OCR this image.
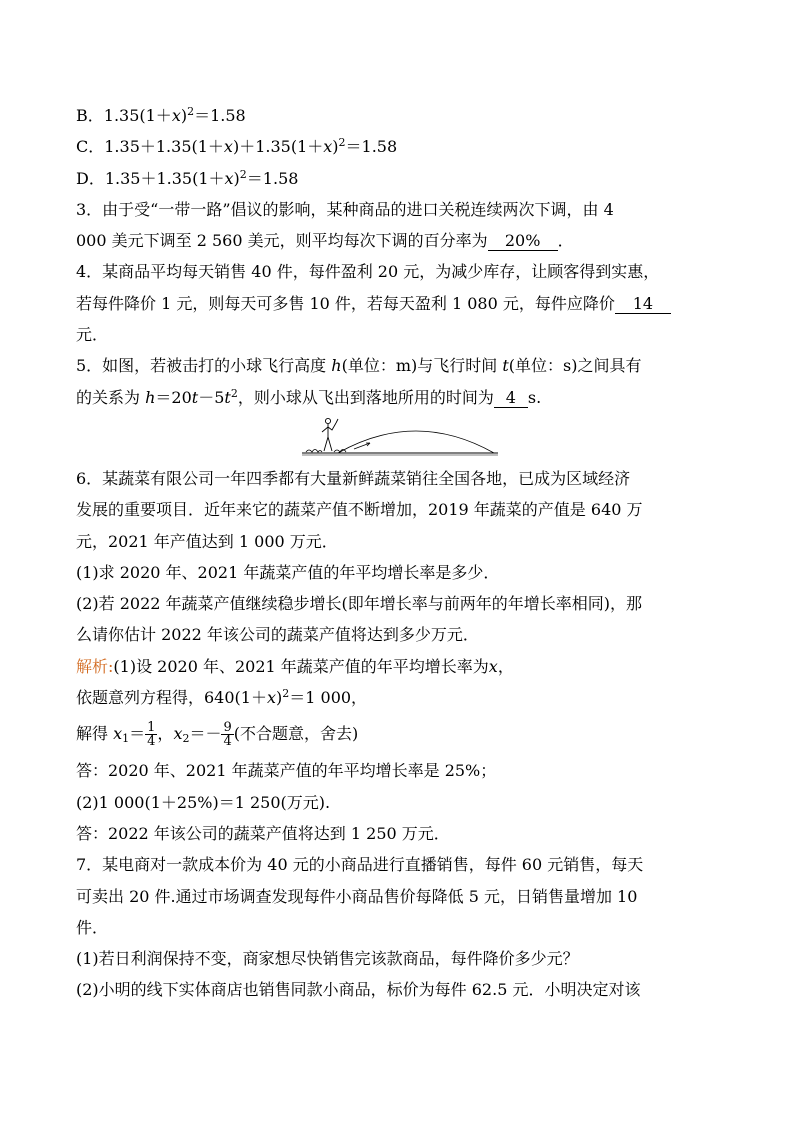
B．$1.35(1+x)^2=1.58$
C．$1.35+1.35(1+x)+1.35(1+x)^2=1.58$
D．$1.35+1.35(1+x)^2=1.58$
3．由于受“一带一路”倡议的影响，某种商品的进口关税连续两次下调，由 4
000 美元下调至 2 560 美元，则平均每次下调的百分率为 20% ．
4．某商品平均每天销售 40 件，每件盈利 20 元，为减少库存，让顾客得到实惠，
若每件降价 1 元，则每天可多售 10 件，若每天盈利 1 080 元，每件应降价 14
元．
5．如图，若被击打的小球飞行高度 h(单位：m)与飞行时间 t(单位：s)之间具有
的关系为 $h=20t-5t^2$，则小球从飞出到落地所用的时间为 4 s.
6．某蔬菜有限公司一年四季都有大量新鲜蔬菜销往全国各地，已成为区域经济
发展的重要项目．近年来它的蔬菜产值不断增加，2019 年蔬菜的产值是 640 万
元，2021 年产值达到 1 000 万元．
(1)求 2020 年、2021 年蔬菜产值的年平均增长率是多少．
(2)若 2022 年蔬菜产值继续稳步增长(即年增长率与前两年的年增长率相同)，那
么请你估计 2022 年该公司的蔬菜产值将达到多少万元．
解析:(1)设 2020 年、2021 年蔬菜产值的年平均增长率为x，
依题意列方程得，$640(1+x)^2=1$ 000，
解得 $x_1= \frac{1}{4}$ ，$x_2=- \frac{9}{4}$ (不合题意，舍去)
答：2020 年、2021 年蔬菜产值的年平均增长率是 25%；
(2)1 000(1＋25%)＝1 250(万元).
答：2022 年该公司的蔬菜产值将达到 1 250 万元．
7．某电商对一款成本价为 40 元的小商品进行直播销售，每件 60 元销售，每天
可卖出 20 件.通过市场调查发现每件小商品售价每降低 5 元，日销售量增加 10
件．
(1)若日利润保持不变，商家想尽快销售完该款商品，每件降价多少元？
(2)小明的线下实体商店也销售同款小商品，标价为每件 62.5 元．小明决定对该
